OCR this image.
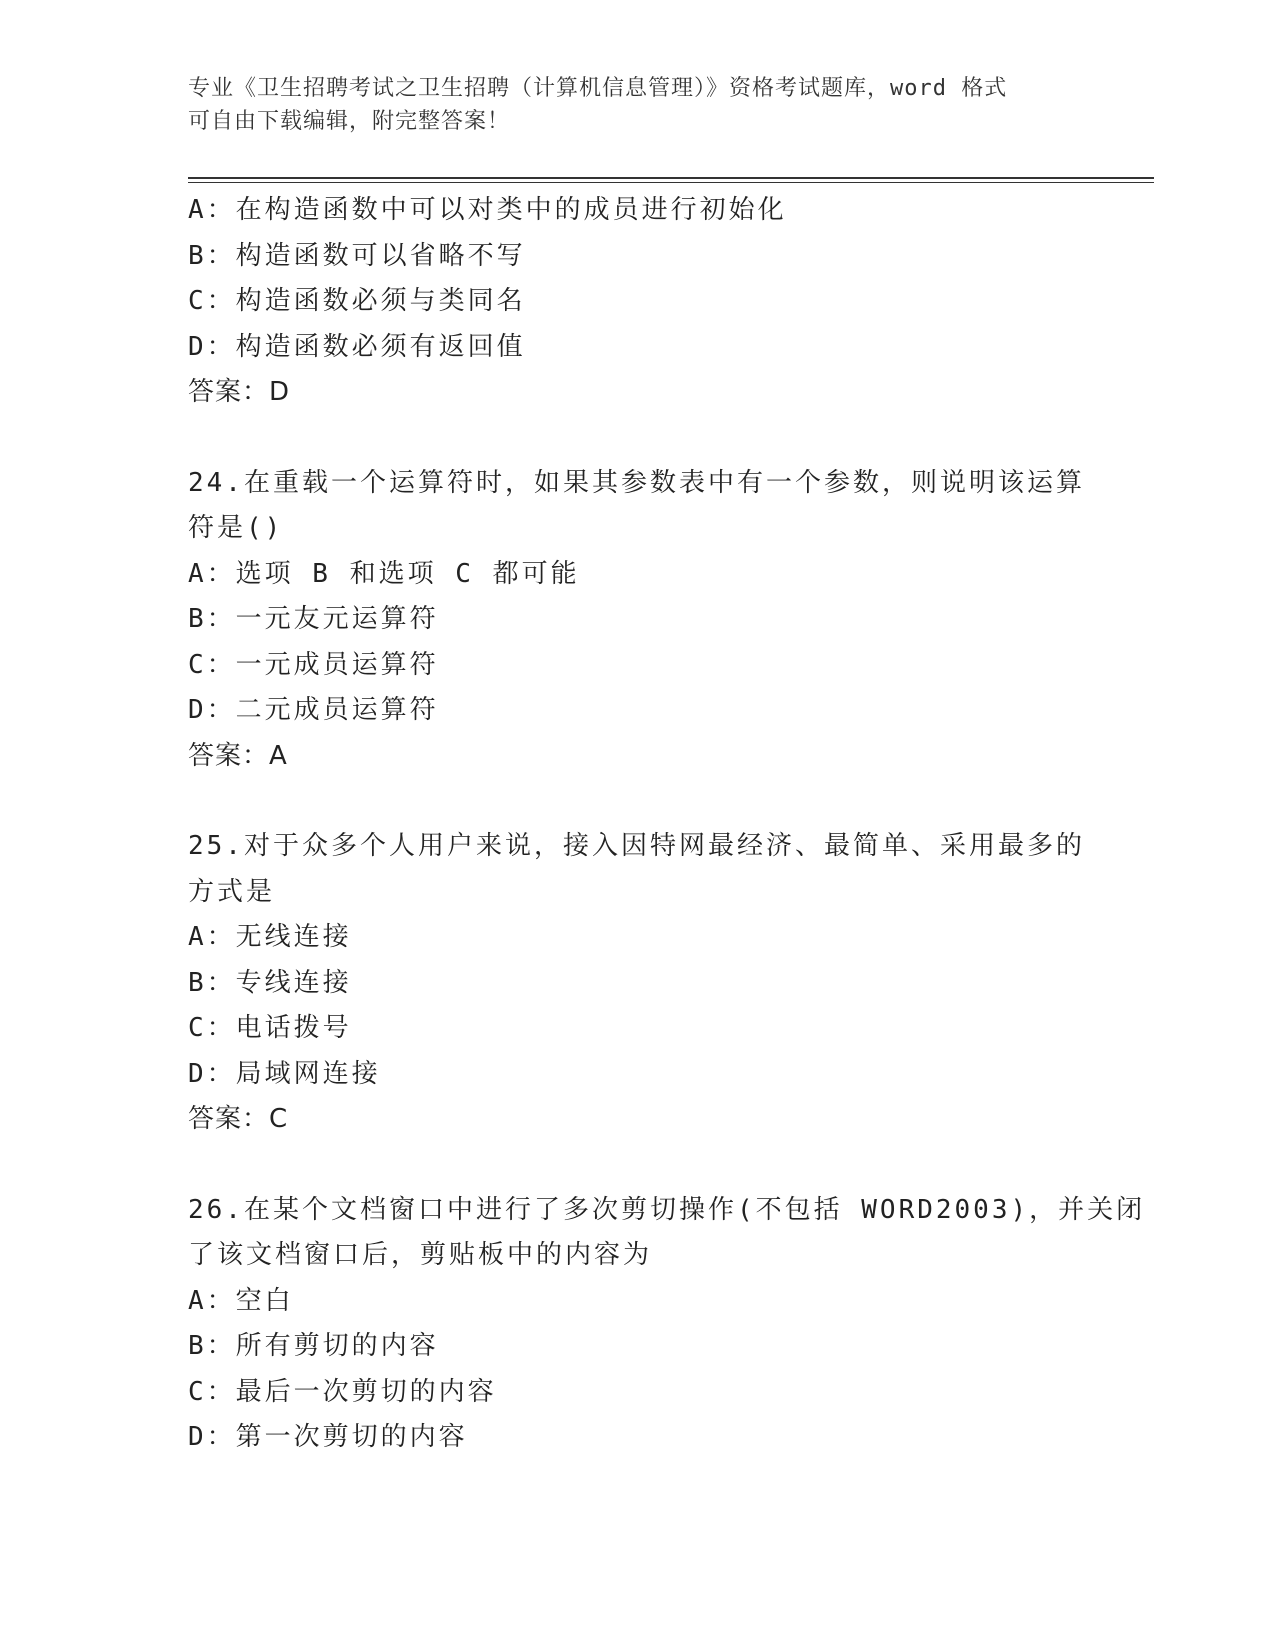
专业《卫生招聘考试之卫生招聘（计算机信息管理）》资格考试题库，word 格式
可自由下载编辑，附完整答案！
A：在构造函数中可以对类中的成员进行初始化
B：构造函数可以省略不写
C：构造函数必须与类同名
D：构造函数必须有返回值
答案：D
24.在重载一个运算符时，如果其参数表中有一个参数，则说明该运算
符是()
A：选项 B 和选项 C 都可能
B：一元友元运算符
C：一元成员运算符
D：二元成员运算符
答案：A
25.对于众多个人用户来说，接入因特网最经济、最简单、采用最多的
方式是
A：无线连接
B：专线连接
C：电话拨号
D：局域网连接
答案：C
26.在某个文档窗口中进行了多次剪切操作(不包括 WORD2003)，并关闭
了该文档窗口后，剪贴板中的内容为
A：空白
B：所有剪切的内容
C：最后一次剪切的内容
D：第一次剪切的内容
